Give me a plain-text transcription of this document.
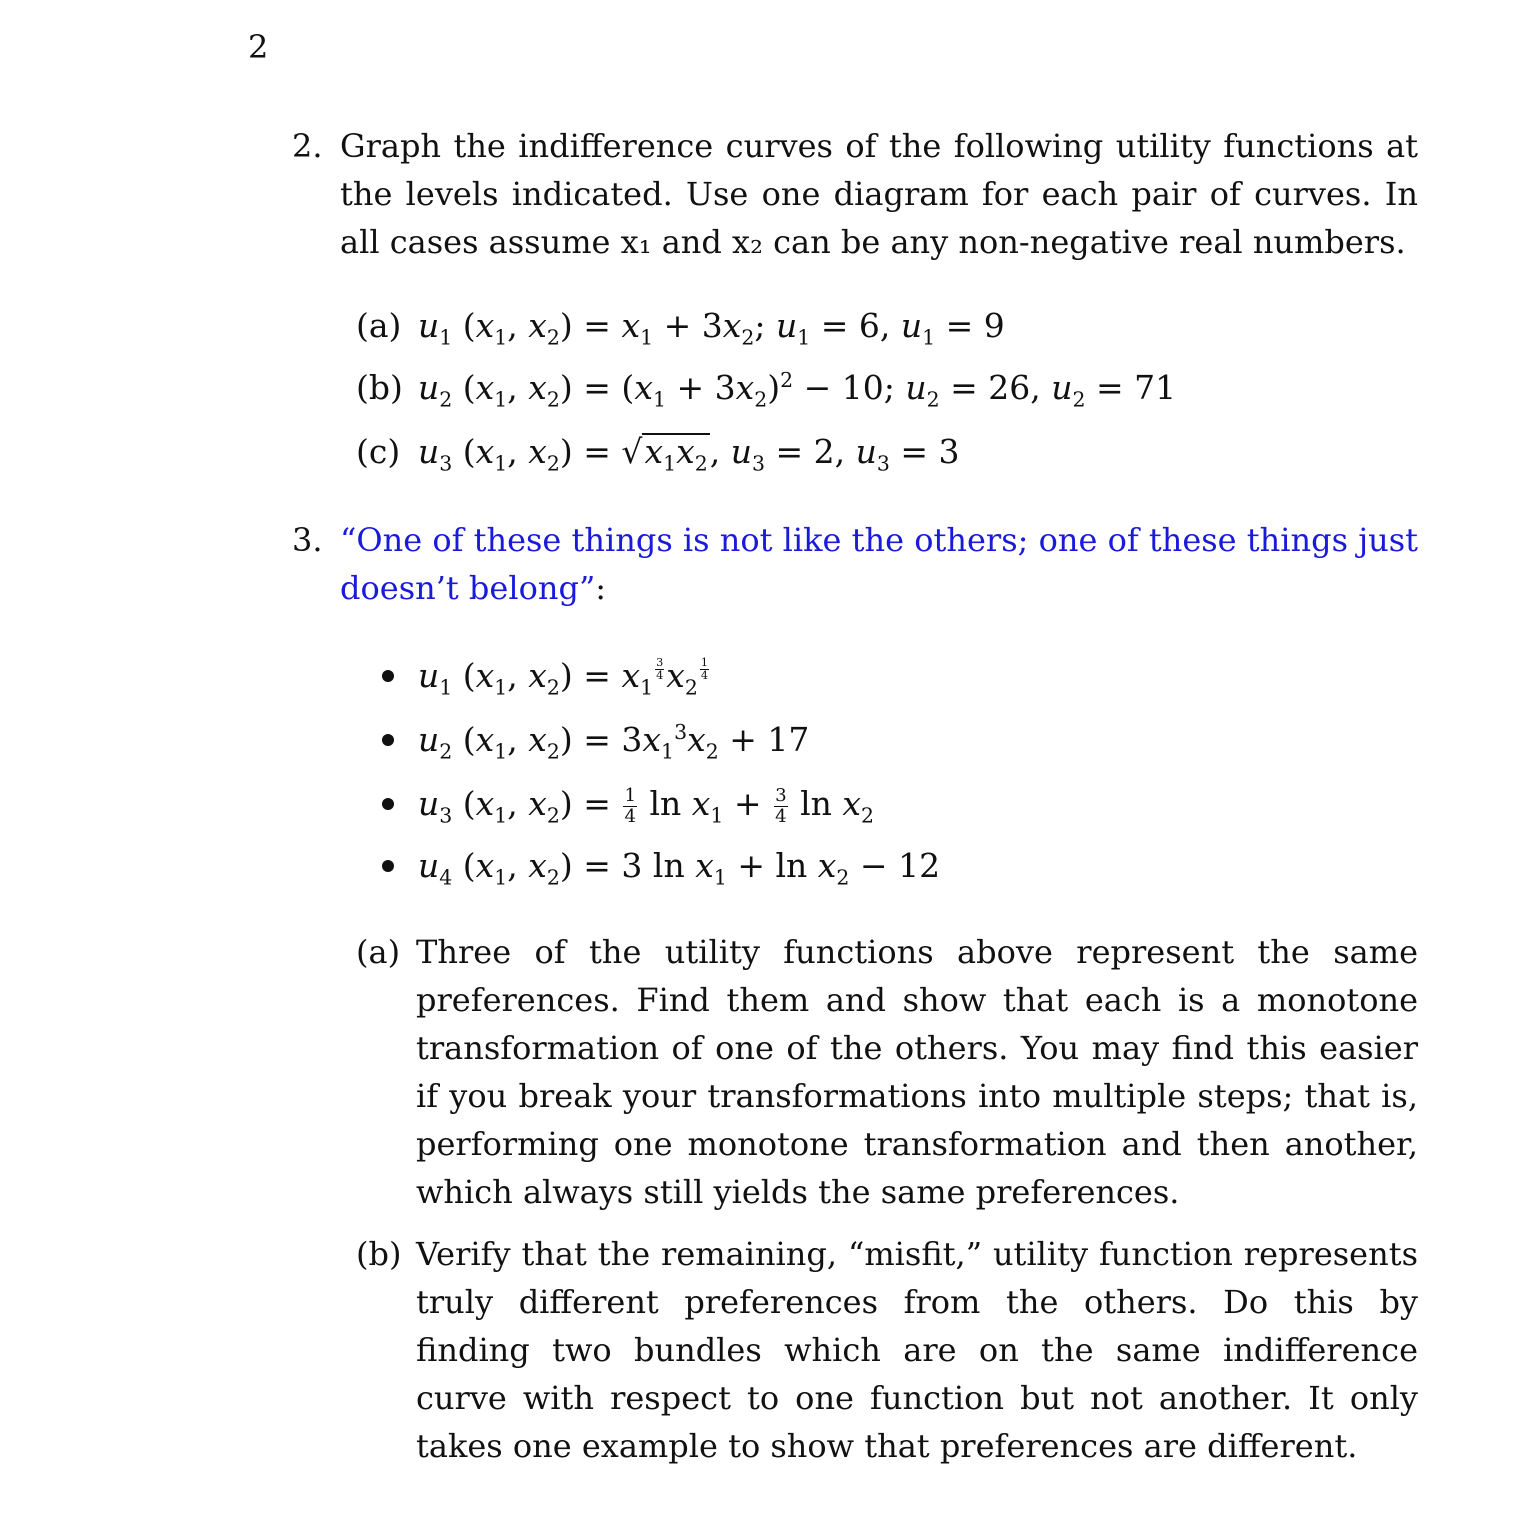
2
2. Graph the indifference curves of the following utility functions at the levels indicated. Use one diagram for each pair of curves. In all cases assume x₁ and x₂ can be any non-negative real numbers.
(a) $u_1$ ($x_1$, $x_2) = x_1 + 3x_2$; $u_1 = 6$, $u_1 = 9$
(b) $u_2$ ($x_1$, $x_2) = (x_1 + 3x_2)^2 - 10$; $u_2 = 26$, $u_2 = 71$
(c) $u_3$ ($x_1$, $x_2) = √x_1x_2$, $u_3 = 2$, $u_3 = 3$
3. “One of these things is not like the others; one of these things just doesn’t belong”:
$u_1$ ($x_1$, $x_2) = x_1$
$^{\frac{3}{4}}$ $x_2$
$^{\frac{1}{4}}$
$u_2$ ($x_1$, $x_2) = 3x_1^3x_2 + 17$
$u_3$ ($x_1$, $x_2) = \frac{1}{4}$ $\ln x_1 + \frac{3}{4}$ $\ln x_2$
$u_4$ ($x_1$, $x_2) = 3$ $\ln x_1 + \ln x_2 - 12$
(a) Three of the utility functions above represent the same preferences. Find them and show that each is a monotone transformation of one of the others. You may find this easier if you break your transformations into multiple steps; that is, performing one monotone transformation and then another, which always still yields the same preferences.
(b) Verify that the remaining, “misfit,” utility function represents truly different preferences from the others. Do this by finding two bundles which are on the same indifference curve with respect to one function but not another. It only takes one example to show that preferences are different.
